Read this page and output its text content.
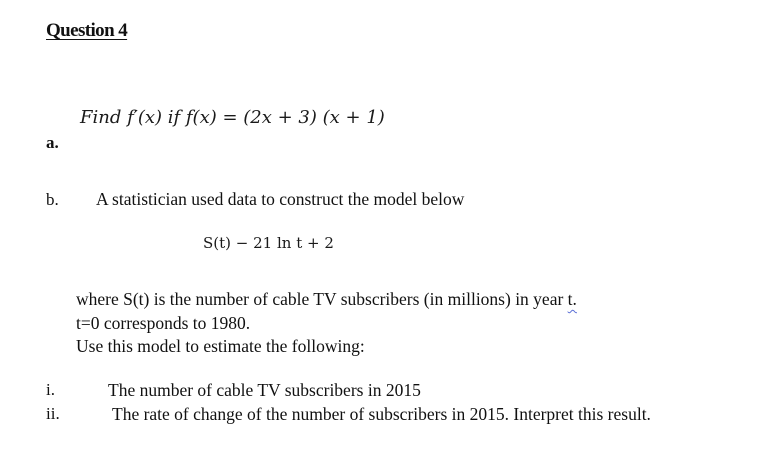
Question 4
Find f′(x) if f(x) = (2x + 3) (x + 1)
a.
b. A statistician used data to construct the model below
S(t) − 21 ln t + 2
where S(t) is the number of cable TV subscribers (in millions) in year t.
t=0 corresponds to 1980.
Use this model to estimate the following:
i.	The number of cable TV subscribers in 2015
ii.	The rate of change of the number of subscribers in 2015. Interpret this result.
